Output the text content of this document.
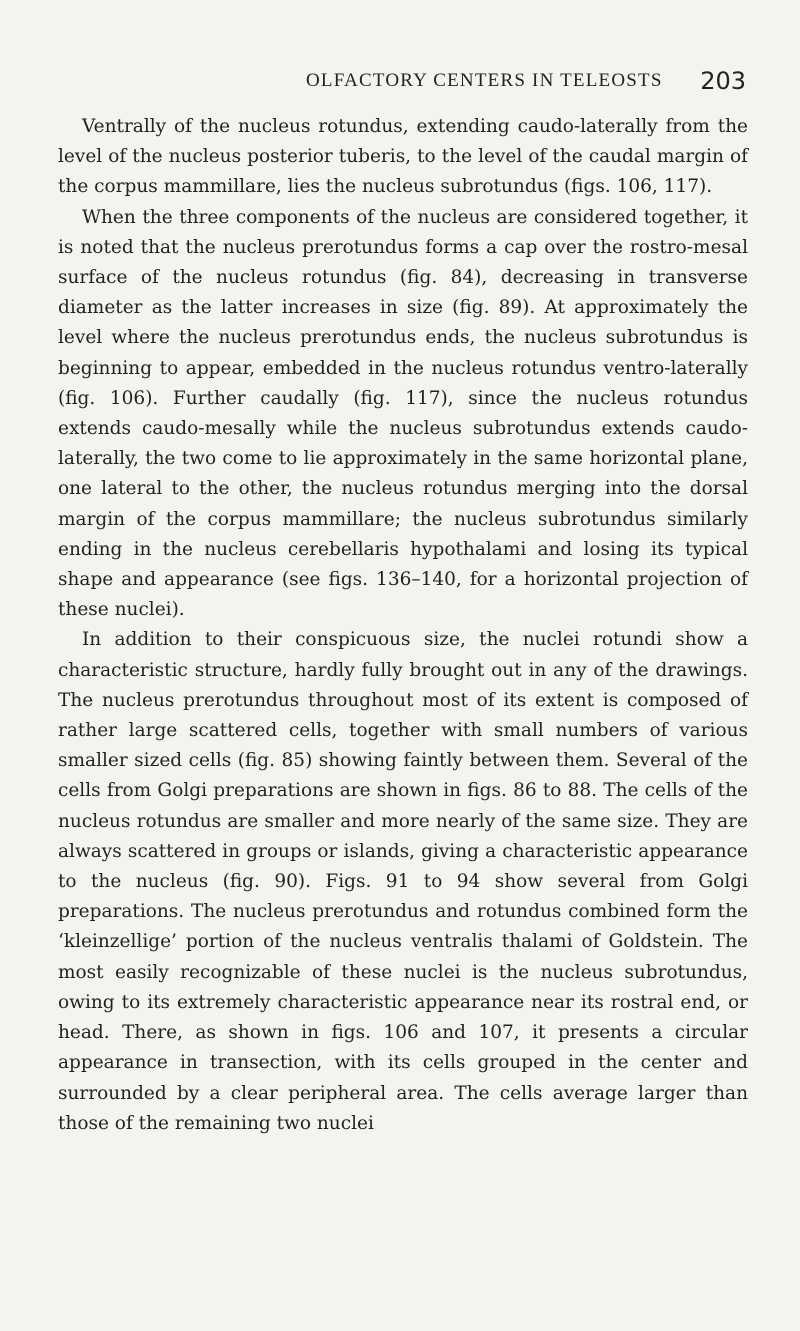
OLFACTORY CENTERS IN TELEOSTS 203

Ventrally of the nucleus rotundus, extending caudo-laterally from the level of the nucleus posterior tuberis, to the level of the caudal margin of the corpus mammillare, lies the nucleus subrotundus (figs. 106, 117).

When the three components of the nucleus are considered together, it is noted that the nucleus prerotundus forms a cap over the rostro-mesal surface of the nucleus rotundus (fig. 84), decreasing in transverse diameter as the latter increases in size (fig. 89). At approximately the level where the nucleus prerotundus ends, the nucleus subrotundus is beginning to appear, embedded in the nucleus rotundus ventro-laterally (fig. 106). Further caudally (fig. 117), since the nucleus rotundus extends caudo-mesally while the nucleus subrotundus extends caudo-laterally, the two come to lie approximately in the same horizontal plane, one lateral to the other, the nucleus rotundus merging into the dorsal margin of the corpus mammillare; the nucleus subrotundus similarly ending in the nucleus cerebellaris hypothalami and losing its typical shape and appearance (see figs. 136–140, for a horizontal projection of these nuclei).

In addition to their conspicuous size, the nuclei rotundi show a characteristic structure, hardly fully brought out in any of the drawings. The nucleus prerotundus throughout most of its extent is composed of rather large scattered cells, together with small numbers of various smaller sized cells (fig. 85) showing faintly between them. Several of the cells from Golgi preparations are shown in figs. 86 to 88. The cells of the nucleus rotundus are smaller and more nearly of the same size. They are always scattered in groups or islands, giving a characteristic appearance to the nucleus (fig. 90). Figs. 91 to 94 show several from Golgi preparations. The nucleus prerotundus and rotundus combined form the ‘kleinzellige’ portion of the nucleus ventralis thalami of Goldstein. The most easily recognizable of these nuclei is the nucleus subrotundus, owing to its extremely characteristic appearance near its rostral end, or head. There, as shown in figs. 106 and 107, it presents a circular appearance in transection, with its cells grouped in the center and surrounded by a clear peripheral area. The cells average larger than those of the remaining two nuclei
